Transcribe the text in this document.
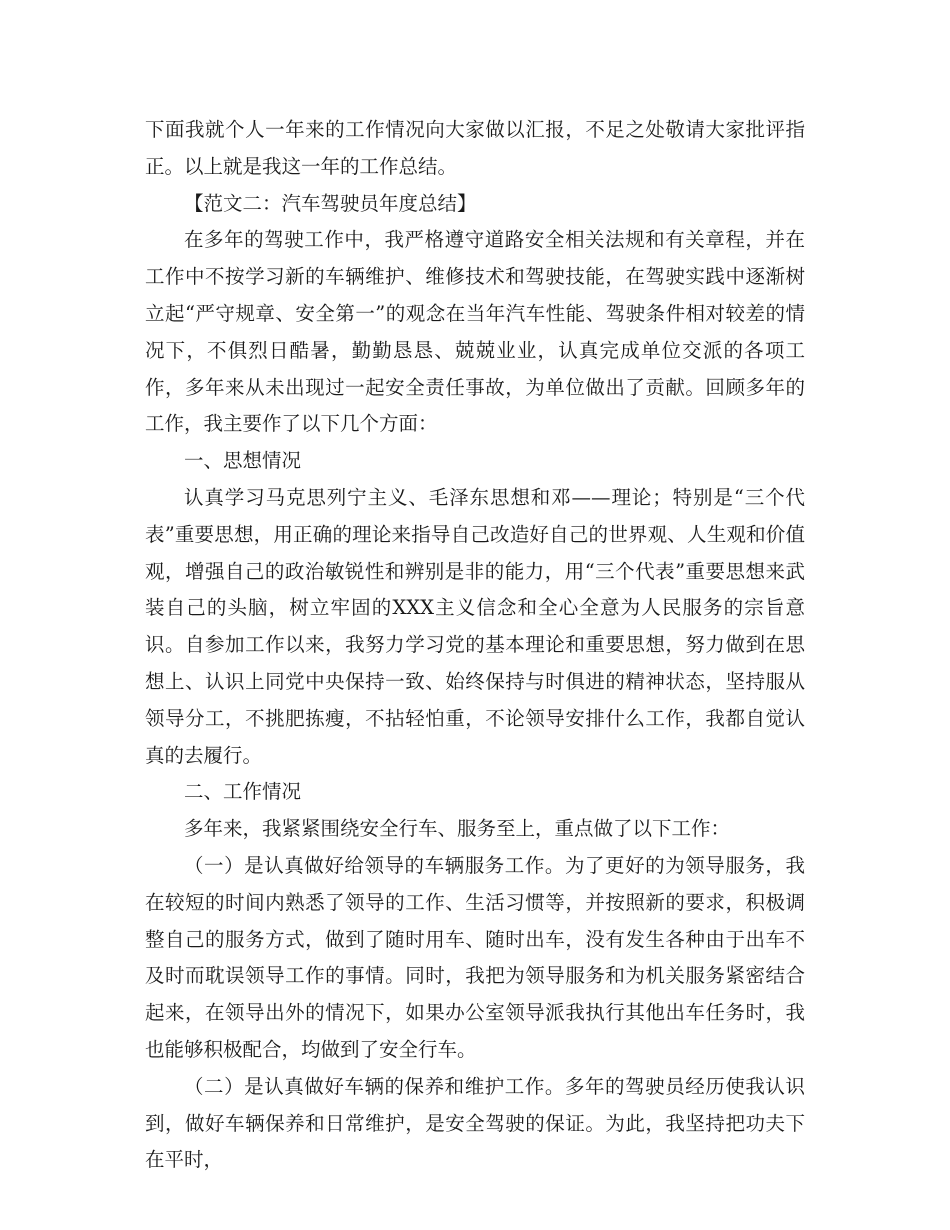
下面我就个人一年来的工作情况向大家做以汇报，不足之处敬请大家批评指正。以上就是我这一年的工作总结。

【范文二：汽车驾驶员年度总结】

在多年的驾驶工作中，我严格遵守道路安全相关法规和有关章程，并在工作中不按学习新的车辆维护、维修技术和驾驶技能，在驾驶实践中逐渐树立起“严守规章、安全第一”的观念在当年汽车性能、驾驶条件相对较差的情况下，不俱烈日酷暑，勤勤恳恳、兢兢业业，认真完成单位交派的各项工作，多年来从未出现过一起安全责任事故，为单位做出了贡献。回顾多年的工作，我主要作了以下几个方面：

一、思想情况

认真学习马克思列宁主义、毛泽东思想和邓——理论；特别是“三个代表”重要思想，用正确的理论来指导自己改造好自己的世界观、人生观和价值观，增强自己的政治敏锐性和辨别是非的能力，用“三个代表”重要思想来武装自己的头脑，树立牢固的XXX主义信念和全心全意为人民服务的宗旨意识。自参加工作以来，我努力学习党的基本理论和重要思想，努力做到在思想上、认识上同党中央保持一致、始终保持与时俱进的精神状态，坚持服从领导分工，不挑肥拣瘦，不拈轻怕重，不论领导安排什么工作，我都自觉认真的去履行。

二、工作情况

多年来，我紧紧围绕安全行车、服务至上，重点做了以下工作：

（一）是认真做好给领导的车辆服务工作。为了更好的为领导服务，我在较短的时间内熟悉了领导的工作、生活习惯等，并按照新的要求，积极调整自己的服务方式，做到了随时用车、随时出车，没有发生各种由于出车不及时而耽误领导工作的事情。同时，我把为领导服务和为机关服务紧密结合起来，在领导出外的情况下，如果办公室领导派我执行其他出车任务时，我也能够积极配合，均做到了安全行车。

（二）是认真做好车辆的保养和维护工作。多年的驾驶员经历使我认识到，做好车辆保养和日常维护，是安全驾驶的保证。为此，我坚持把功夫下在平时，
